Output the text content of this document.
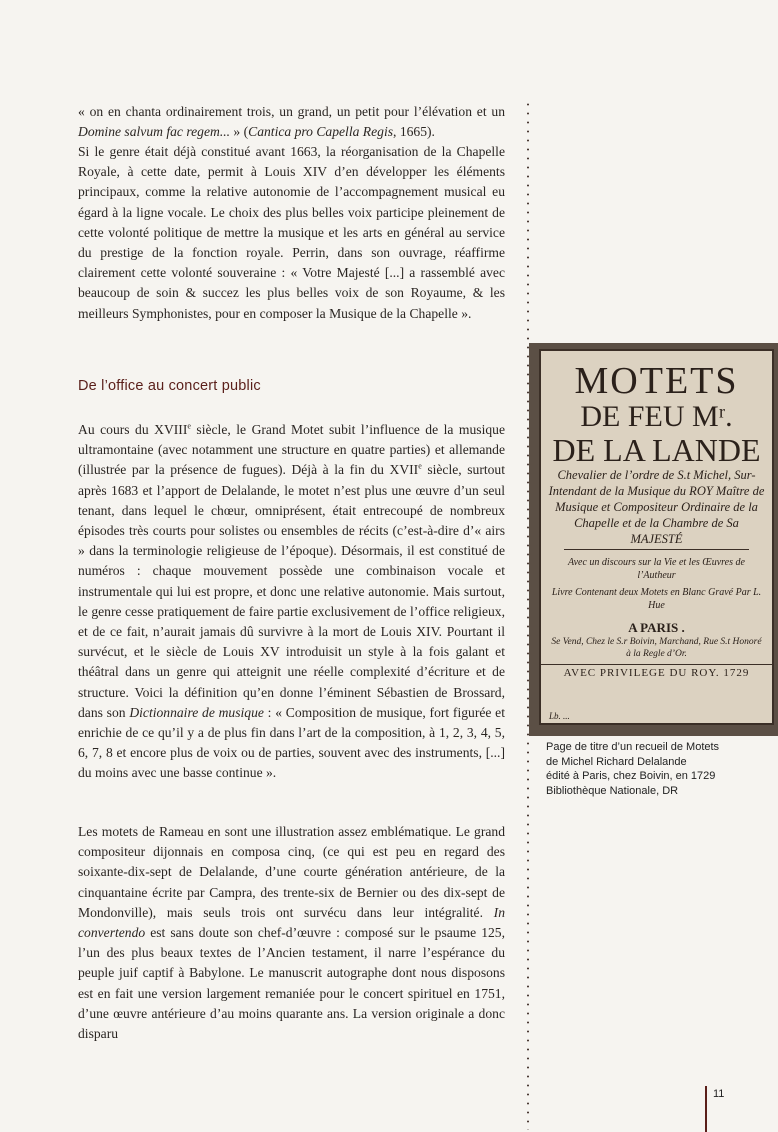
« on en chanta ordinairement trois, un grand, un petit pour l’élévation et un Domine salvum fac regem... » (Cantica pro Capella Regis, 1665).

Si le genre était déjà constitué avant 1663, la réorganisation de la Chapelle Royale, à cette date, permit à Louis XIV d’en développer les éléments principaux, comme la relative autonomie de l’accompagnement musical eu égard à la ligne vocale. Le choix des plus belles voix participe pleinement de cette volonté politique de mettre la musique et les arts en général au service du prestige de la fonction royale. Perrin, dans son ouvrage, réaffirme clairement cette volonté souveraine : « Votre Majesté [...] a rassemblé avec beaucoup de soin & succez les plus belles voix de son Royaume, & les meilleurs Symphonistes, pour en composer la Musique de la Chapelle ».

De l’office au concert public

Au cours du XVIIIe siècle, le Grand Motet subit l’influence de la musique ultramontaine (avec notamment une structure en quatre parties) et allemande (illustrée par la présence de fugues). Déjà à la fin du XVIIe siècle, surtout après 1683 et l’apport de Delalande, le motet n’est plus une œuvre d’un seul tenant, dans lequel le chœur, omniprésent, était entrecoupé de nombreux épisodes très courts pour solistes ou ensembles de récits (c’est-à-dire d’« airs » dans la terminologie religieuse de l’époque). Désormais, il est constitué de numéros : chaque mouvement possède une combinaison vocale et instrumentale qui lui est propre, et donc une relative autonomie. Mais surtout, le genre cesse pratiquement de faire partie exclusivement de l’office religieux, et de ce fait, n’aurait jamais dû survivre à la mort de Louis XIV. Pourtant il survécut, et le siècle de Louis XV introduisit un style à la fois galant et théâtral dans un genre qui atteignit une réelle complexité d’écriture et de structure. Voici la définition qu’en donne l’éminent Sébastien de Brossard, dans son Dictionnaire de musique : « Composition de musique, fort figurée et enrichie de ce qu’il y a de plus fin dans l’art de la composition, à 1, 2, 3, 4, 5, 6, 7, 8 et encore plus de voix ou de parties, souvent avec des instruments, [...] du moins avec une basse continue ».

Les motets de Rameau en sont une illustration assez emblématique. Le grand compositeur dijonnais en composa cinq, (ce qui est peu en regard des soixante-dix-sept de Delalande, d’une courte génération antérieure, de la cinquantaine écrite par Campra, des trente-six de Bernier ou des dix-sept de Mondonville), mais seuls trois ont survécu dans leur intégralité. In convertendo est sans doute son chef-d’œuvre : composé sur le psaume 125, l’un des plus beaux textes de l’Ancien testament, il narre l’espérance du peuple juif captif à Babylone. Le manuscrit autographe dont nous disposons est en fait une version largement remaniée pour le concert spirituel en 1751, d’une œuvre antérieure d’au moins quarante ans. La version originale a donc disparu

MOTETS
DE FEU Mʳ.
DE LA LANDE
Chevalier de l’ordre de S.t Michel, Sur-Intendant de la Musique du ROY Maître de Musique et Compositeur Ordinaire de la Chapelle et de la Chambre de Sa MAJESTÉ
Avec un discours sur la Vie et les Œuvres de l’Autheur
Livre Contenant deux Motets en Blanc Gravé Par L. Hue
A PARIS .
Se Vend, Chez le S.r Boivin, Marchand, Rue S.t Honoré à la Regle d’Or.
AVEC PRIVILEGE DU ROY. 1729
Lb. ...
Page de titre d’un recueil de Motets
de Michel Richard Delalande
édité à Paris, chez Boivin, en 1729
Bibliothèque Nationale, DR
11
